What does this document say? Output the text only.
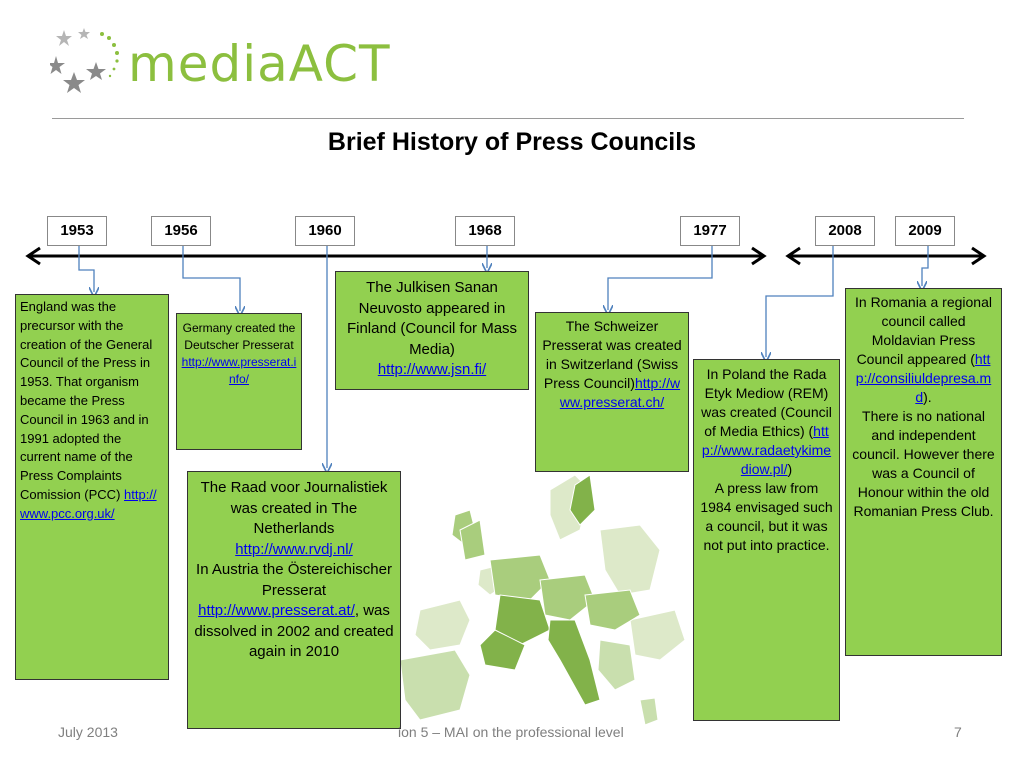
mediaACT
Brief History of Press Councils
1953	1956	1960	1968	1977	2008	2009
England was the precursor with the creation of the General Council of the Press in 1953. That organism became the Press Council in 1963 and in 1991 adopted the current name of the Press Complaints Comission (PCC) http://www.pcc.org.uk/
Germany created the Deutscher Presserat http://www.presserat.info/
The Raad voor Journalistiek was created in The Netherlands
http://www.rvdj.nl/
In Austria the Östereichischer Presserat
http://www.presserat.at/, was dissolved in 2002 and created again in 2010
The Julkisen Sanan Neuvosto appeared in Finland (Council for Mass Media)
http://www.jsn.fi/
The Schweizer Presserat was created in Switzerland (Swiss Press Council)http://www.presserat.ch/
In Poland the Rada Etyk Mediow (REM) was created (Council of Media Ethics) (http://www.radaetykimediow.pl/)
A press law from 1984 envisaged such a council, but it was not put into practice.
In Romania a regional council called Moldavian Press Council appeared (http://consiliuldepresa.md).
There is no national and independent council. However there was a Council of Honour within the old Romanian Press Club.
July 2013	ion 5 – MAI on the professional level	7
